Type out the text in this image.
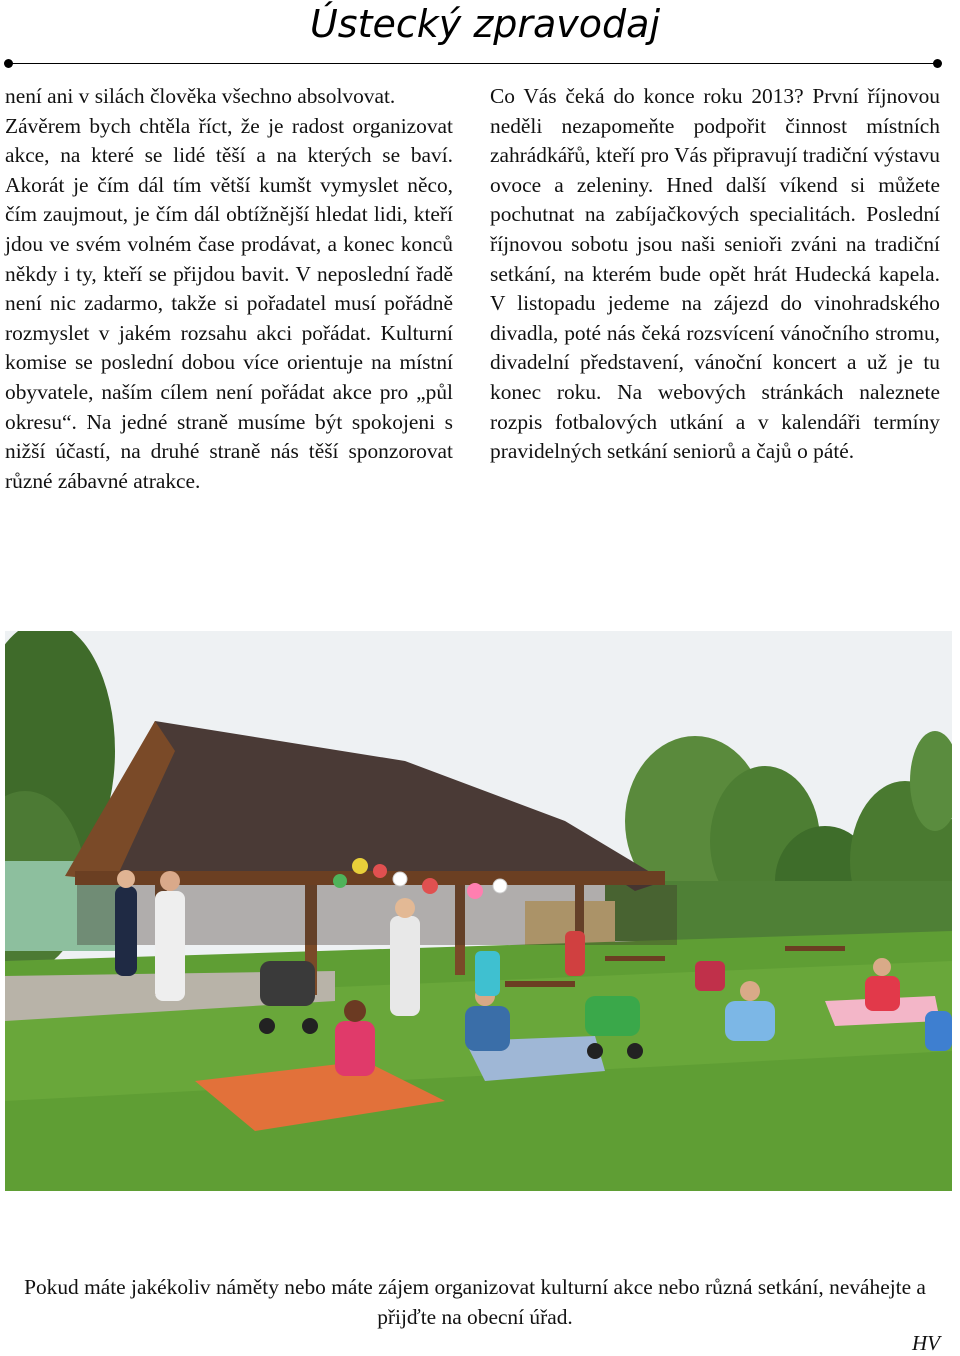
Ústecký zpravodaj

není ani v silách člověka všechno absolvovat.

Závěrem bych chtěla říct, že je radost organizovat akce, na které se lidé těší a na kterých se baví. Akorát je čím dál tím větší kumšt vymyslet něco, čím zaujmout, je čím dál obtížnější hledat lidi, kteří jdou ve svém volném čase prodávat, a konec konců někdy i ty, kteří se přijdou bavit. V neposlední řadě není nic zadarmo, takže si pořadatel musí pořádně rozmyslet v jakém rozsahu akci pořádat. Kulturní komise se poslední dobou více orientuje na místní obyvatele, naším cílem není pořádat akce pro „půl okresu“. Na jedné straně musíme být spokojeni s nižší účastí, na druhé straně nás těší sponzorovat různé zábavné atrakce.

Co Vás čeká do konce roku 2013? První říjnovou neděli nezapomeňte podpořit činnost místních zahrádkářů, kteří pro Vás připravují tradiční výstavu ovoce a zeleniny. Hned další víkend si můžete pochutnat na zabíjačkových specialitách. Poslední říjnovou sobotu jsou naši senioři zváni na tradiční setkání, na kterém bude opět hrát Hudecká kapela. V listopadu jedeme na zájezd do vinohradského divadla, poté nás čeká rozsvícení vánočního stromu, divadelní představení, vánoční koncert a už je tu konec roku. Na webových stránkách naleznete rozpis fotbalových utkání a v kalendáři termíny pravidelných setkání seniorů a čajů o páté.

Pokud máte jakékoliv náměty nebo máte zájem organizovat kulturní akce nebo různá setkání, neváhejte a přijďte na obecní úřad.
HV
